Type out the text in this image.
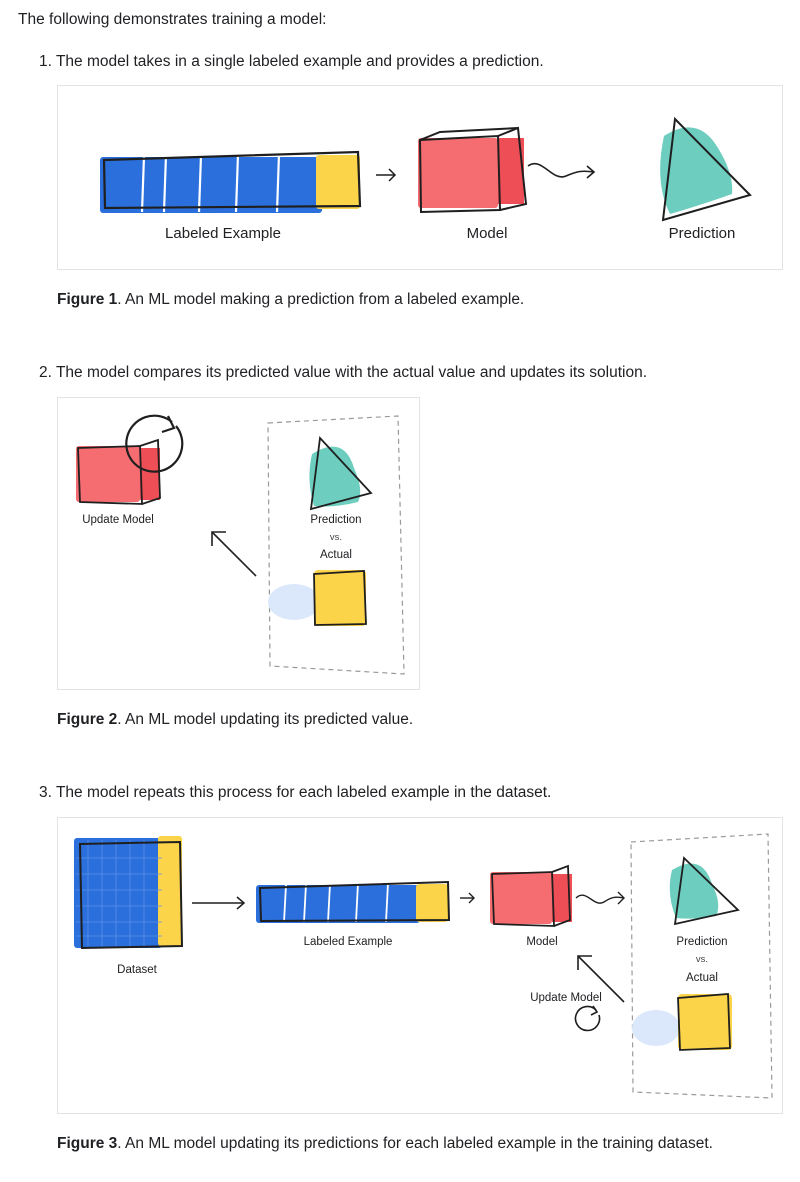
The following demonstrates training a model:
1. The model takes in a single labeled example and provides a prediction.
Labeled Example	Model	Prediction
Figure 1. An ML model making a prediction from a labeled example.
2. The model compares its predicted value with the actual value and updates its solution.
Update Model	Prediction
vs.
Actual
Figure 2. An ML model updating its predicted value.
3. The model repeats this process for each labeled example in the dataset.
Dataset
Labeled Example	Model
Update Model
Prediction
vs.
Actual
Figure 3. An ML model updating its predictions for each labeled example in the training dataset.
